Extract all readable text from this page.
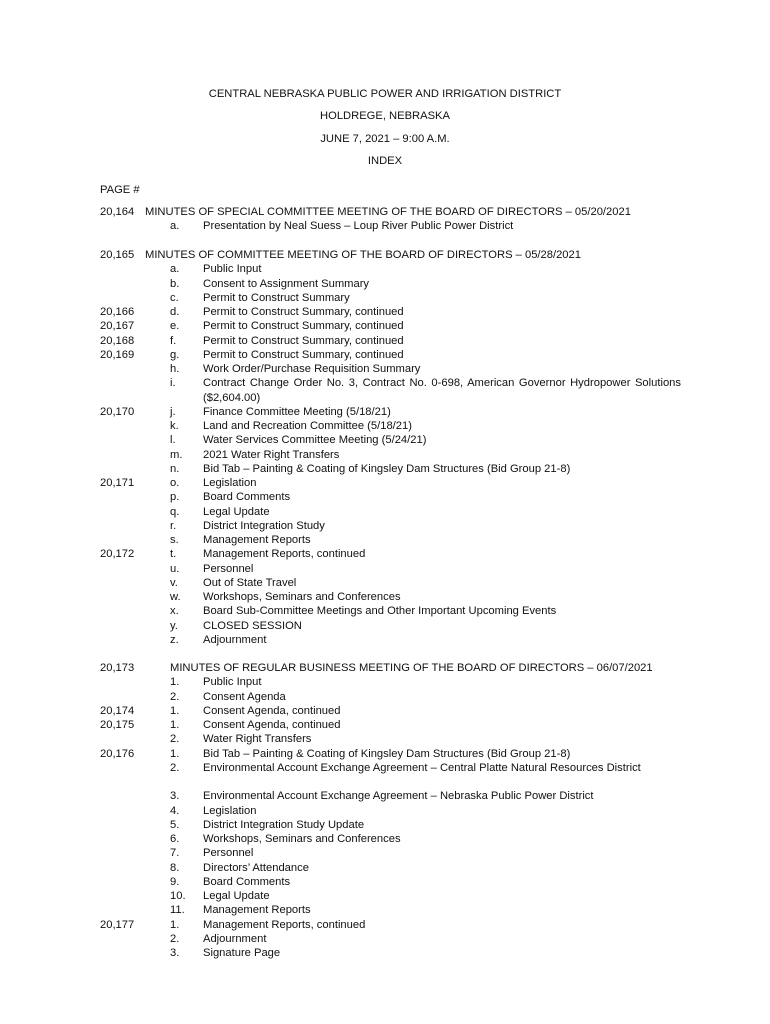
CENTRAL NEBRASKA PUBLIC POWER AND IRRIGATION DISTRICT
HOLDREGE, NEBRASKA
JUNE 7, 2021 – 9:00 A.M.
INDEX
PAGE #
20,164 MINUTES OF SPECIAL COMMITTEE MEETING OF THE BOARD OF DIRECTORS – 05/20/2021
a. Presentation by Neal Suess – Loup River Public Power District
20,165 MINUTES OF COMMITTEE MEETING OF THE BOARD OF DIRECTORS – 05/28/2021
a. Public Input
b. Consent to Assignment Summary
c. Permit to Construct Summary
20,166	d. Permit to Construct Summary, continued
20,167	e. Permit to Construct Summary, continued
20,168	f. Permit to Construct Summary, continued
20,169	g. Permit to Construct Summary, continued
h. Work Order/Purchase Requisition Summary
i. Contract Change Order No. 3, Contract No. 0-698, American Governor Hydropower Solutions ($2,604.00)
20,170	j. Finance Committee Meeting (5/18/21)
k. Land and Recreation Committee (5/18/21)
l. Water Services Committee Meeting (5/24/21)
m. 2021 Water Right Transfers
n. Bid Tab – Painting & Coating of Kingsley Dam Structures (Bid Group 21-8)
20,171	o. Legislation
p. Board Comments
q. Legal Update
r. District Integration Study
s. Management Reports
20,172	t. Management Reports, continued
u. Personnel
v. Out of State Travel
w. Workshops, Seminars and Conferences
x. Board Sub-Committee Meetings and Other Important Upcoming Events
y. CLOSED SESSION
z. Adjournment
20,173	MINUTES OF REGULAR BUSINESS MEETING OF THE BOARD OF DIRECTORS – 06/07/2021
1. Public Input
2. Consent Agenda
20,174	1. Consent Agenda, continued
20,175	1. Consent Agenda, continued
2. Water Right Transfers
20,176	1. Bid Tab – Painting & Coating of Kingsley Dam Structures (Bid Group 21-8)
2. Environmental Account Exchange Agreement – Central Platte Natural Resources District
3. Environmental Account Exchange Agreement – Nebraska Public Power District
4. Legislation
5. District Integration Study Update
6. Workshops, Seminars and Conferences
7. Personnel
8. Directors’ Attendance
9. Board Comments
10. Legal Update
11. Management Reports
20,177	1. Management Reports, continued
2. Adjournment
3. Signature Page
